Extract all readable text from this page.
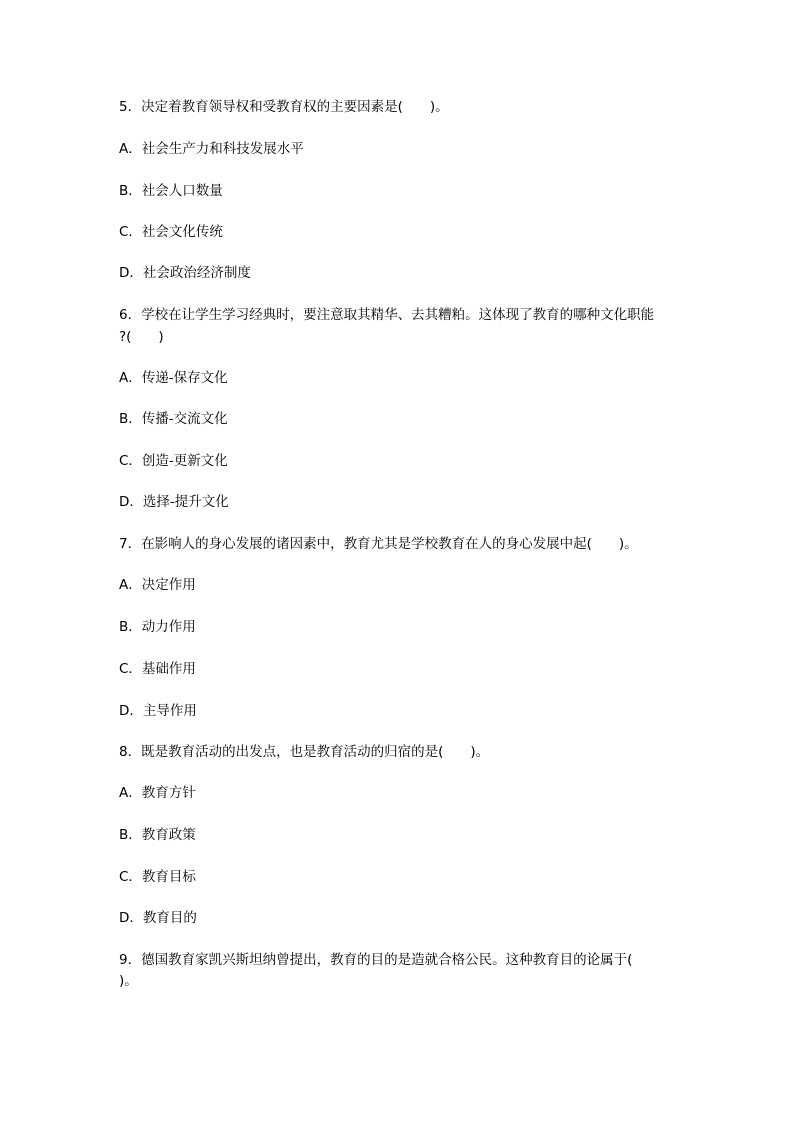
5．决定着教育领导权和受教育权的主要因素是(　　)。
A．社会生产力和科技发展水平
B．社会人口数量
C．社会文化传统
D．社会政治经济制度
6．学校在让学生学习经典时，要注意取其精华、去其糟粕。这体现了教育的哪种文化职能
?(　　)
A．传递-保存文化
B．传播-交流文化
C．创造-更新文化
D．选择-提升文化
7．在影响人的身心发展的诸因素中，教育尤其是学校教育在人的身心发展中起(　　)。
A．决定作用
B．动力作用
C．基础作用
D．主导作用
8．既是教育活动的出发点，也是教育活动的归宿的是(　　)。
A．教育方针
B．教育政策
C．教育目标
D．教育目的
9．德国教育家凯兴斯坦纳曾提出，教育的目的是造就合格公民。这种教育目的论属于(
)。
